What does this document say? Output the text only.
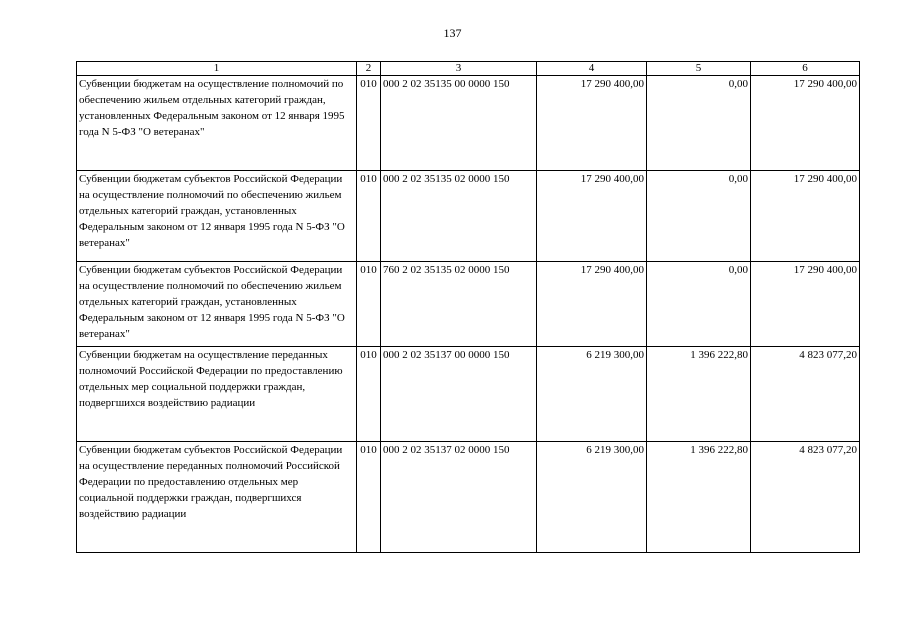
137
1	2	3	4	5	6
Субвенции бюджетам на осуществление полномочий по обеспечению жильем отдельных категорий граждан, установленных Федеральным законом от 12 января 1995 года N 5-ФЗ "О ветеранах"	010	000 2 02 35135 00 0000 150	17 290 400,00	0,00	17 290 400,00
Субвенции бюджетам субъектов Российской Федерации на осуществление полномочий по обеспечению жильем отдельных категорий граждан, установленных Федеральным законом от 12 января 1995 года N 5-ФЗ "О ветеранах"	010	000 2 02 35135 02 0000 150	17 290 400,00	0,00	17 290 400,00
Субвенции бюджетам субъектов Российской Федерации на осуществление полномочий по обеспечению жильем отдельных категорий граждан, установленных Федеральным законом от 12 января 1995 года N 5-ФЗ "О ветеранах"	010	760 2 02 35135 02 0000 150	17 290 400,00	0,00	17 290 400,00
Субвенции бюджетам на осуществление переданных полномочий Российской Федерации по предоставлению отдельных мер социальной поддержки граждан, подвергшихся воздействию радиации	010	000 2 02 35137 00 0000 150	6 219 300,00	1 396 222,80	4 823 077,20
Субвенции бюджетам субъектов Российской Федерации на осуществление переданных полномочий Российской Федерации по предоставлению отдельных мер социальной поддержки граждан, подвергшихся воздействию радиации	010	000 2 02 35137 02 0000 150	6 219 300,00	1 396 222,80	4 823 077,20
